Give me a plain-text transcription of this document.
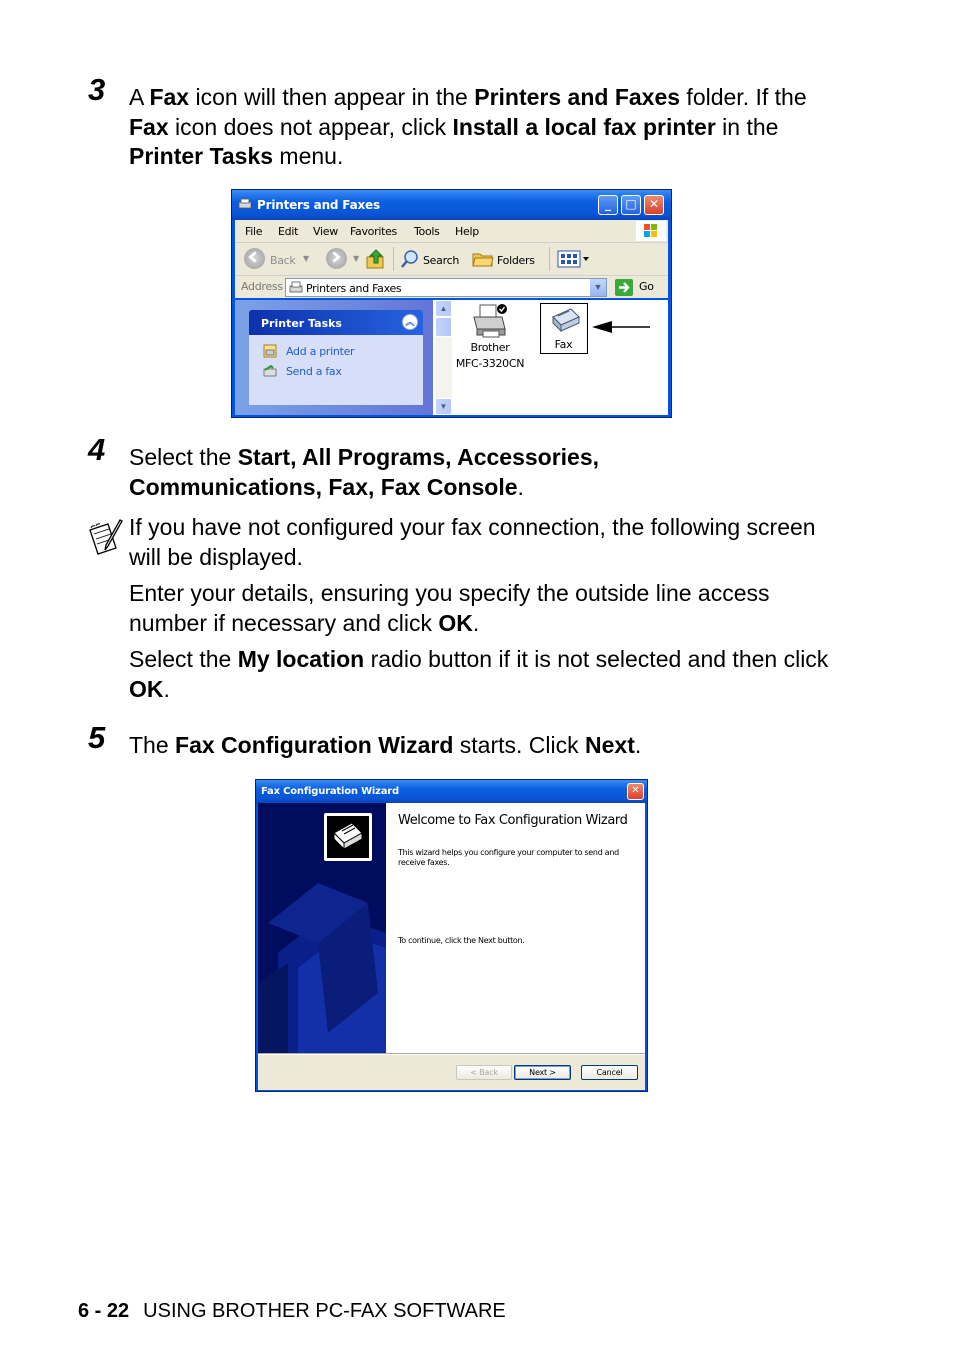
3 A Fax icon will then appear in the Printers and Faxes folder. If the Fax icon does not appear, click Install a local fax printer in the Printer Tasks menu.
Printers and Faxes	_	□	✕
File Edit View Favorites Tools Help
Back ▼	▼	Search	Folders
Address Printers and Faxes	▼	Go
Printer Tasks	︽
Add a printer
Send a fax
▲
▼
Brother
MFC-3320CN
Fax
4 Select the Start, All Programs, Accessories, Communications, Fax, Fax Console.
If you have not configured your fax connection, the following screen will be displayed.
Enter your details, ensuring you specify the outside line access number if necessary and click OK.
Select the My location radio button if it is not selected and then click OK.
5 The Fax Configuration Wizard starts. Click Next.
Fax Configuration Wizard	✕
Welcome to Fax Configuration Wizard
This wizard helps you configure your computer to send and receive faxes.
To continue, click the Next button.
< Back	Next >	Cancel
6 - 22 USING BROTHER PC-FAX SOFTWARE
